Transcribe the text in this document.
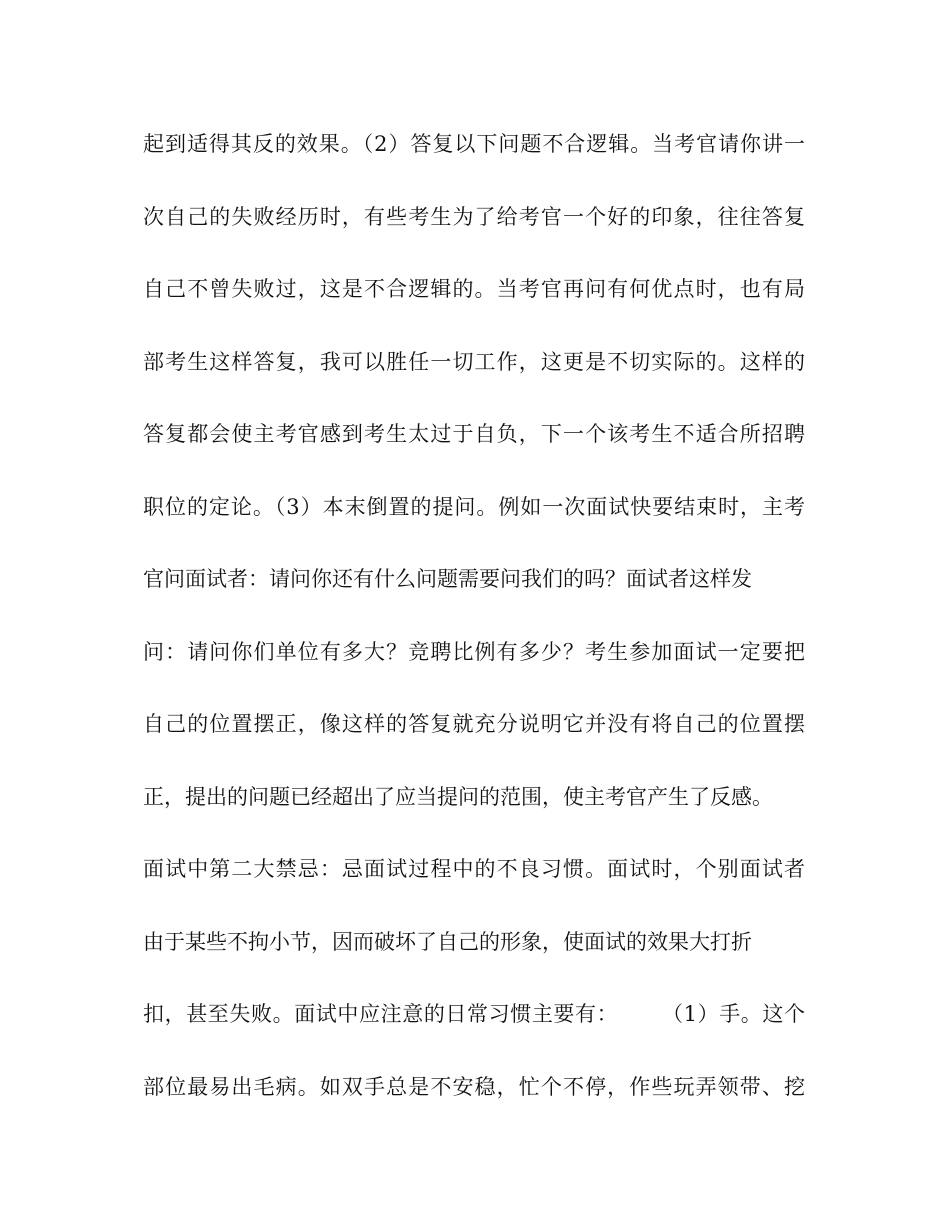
起到适得其反的效果。（2）答复以下问题不合逻辑。当考官请你讲一
次自己的失败经历时，有些考生为了给考官一个好的印象，往往答复
自己不曾失败过，这是不合逻辑的。当考官再问有何优点时，也有局
部考生这样答复，我可以胜任一切工作，这更是不切实际的。这样的
答复都会使主考官感到考生太过于自负，下一个该考生不适合所招聘
职位的定论。（3）本末倒置的提问。例如一次面试快要结束时，主考
官问面试者：请问你还有什么问题需要问我们的吗？面试者这样发
问：请问你们单位有多大？竞聘比例有多少？考生参加面试一定要把
自己的位置摆正，像这样的答复就充分说明它并没有将自己的位置摆
正，提出的问题已经超出了应当提问的范围，使主考官产生了反感。
面试中第二大禁忌：忌面试过程中的不良习惯。面试时，个别面试者
由于某些不拘小节，因而破坏了自己的形象，使面试的效果大打折
扣，甚至失败。面试中应注意的日常习惯主要有：　　　（1）手。这个
部位最易出毛病。如双手总是不安稳，忙个不停，作些玩弄领带、挖
